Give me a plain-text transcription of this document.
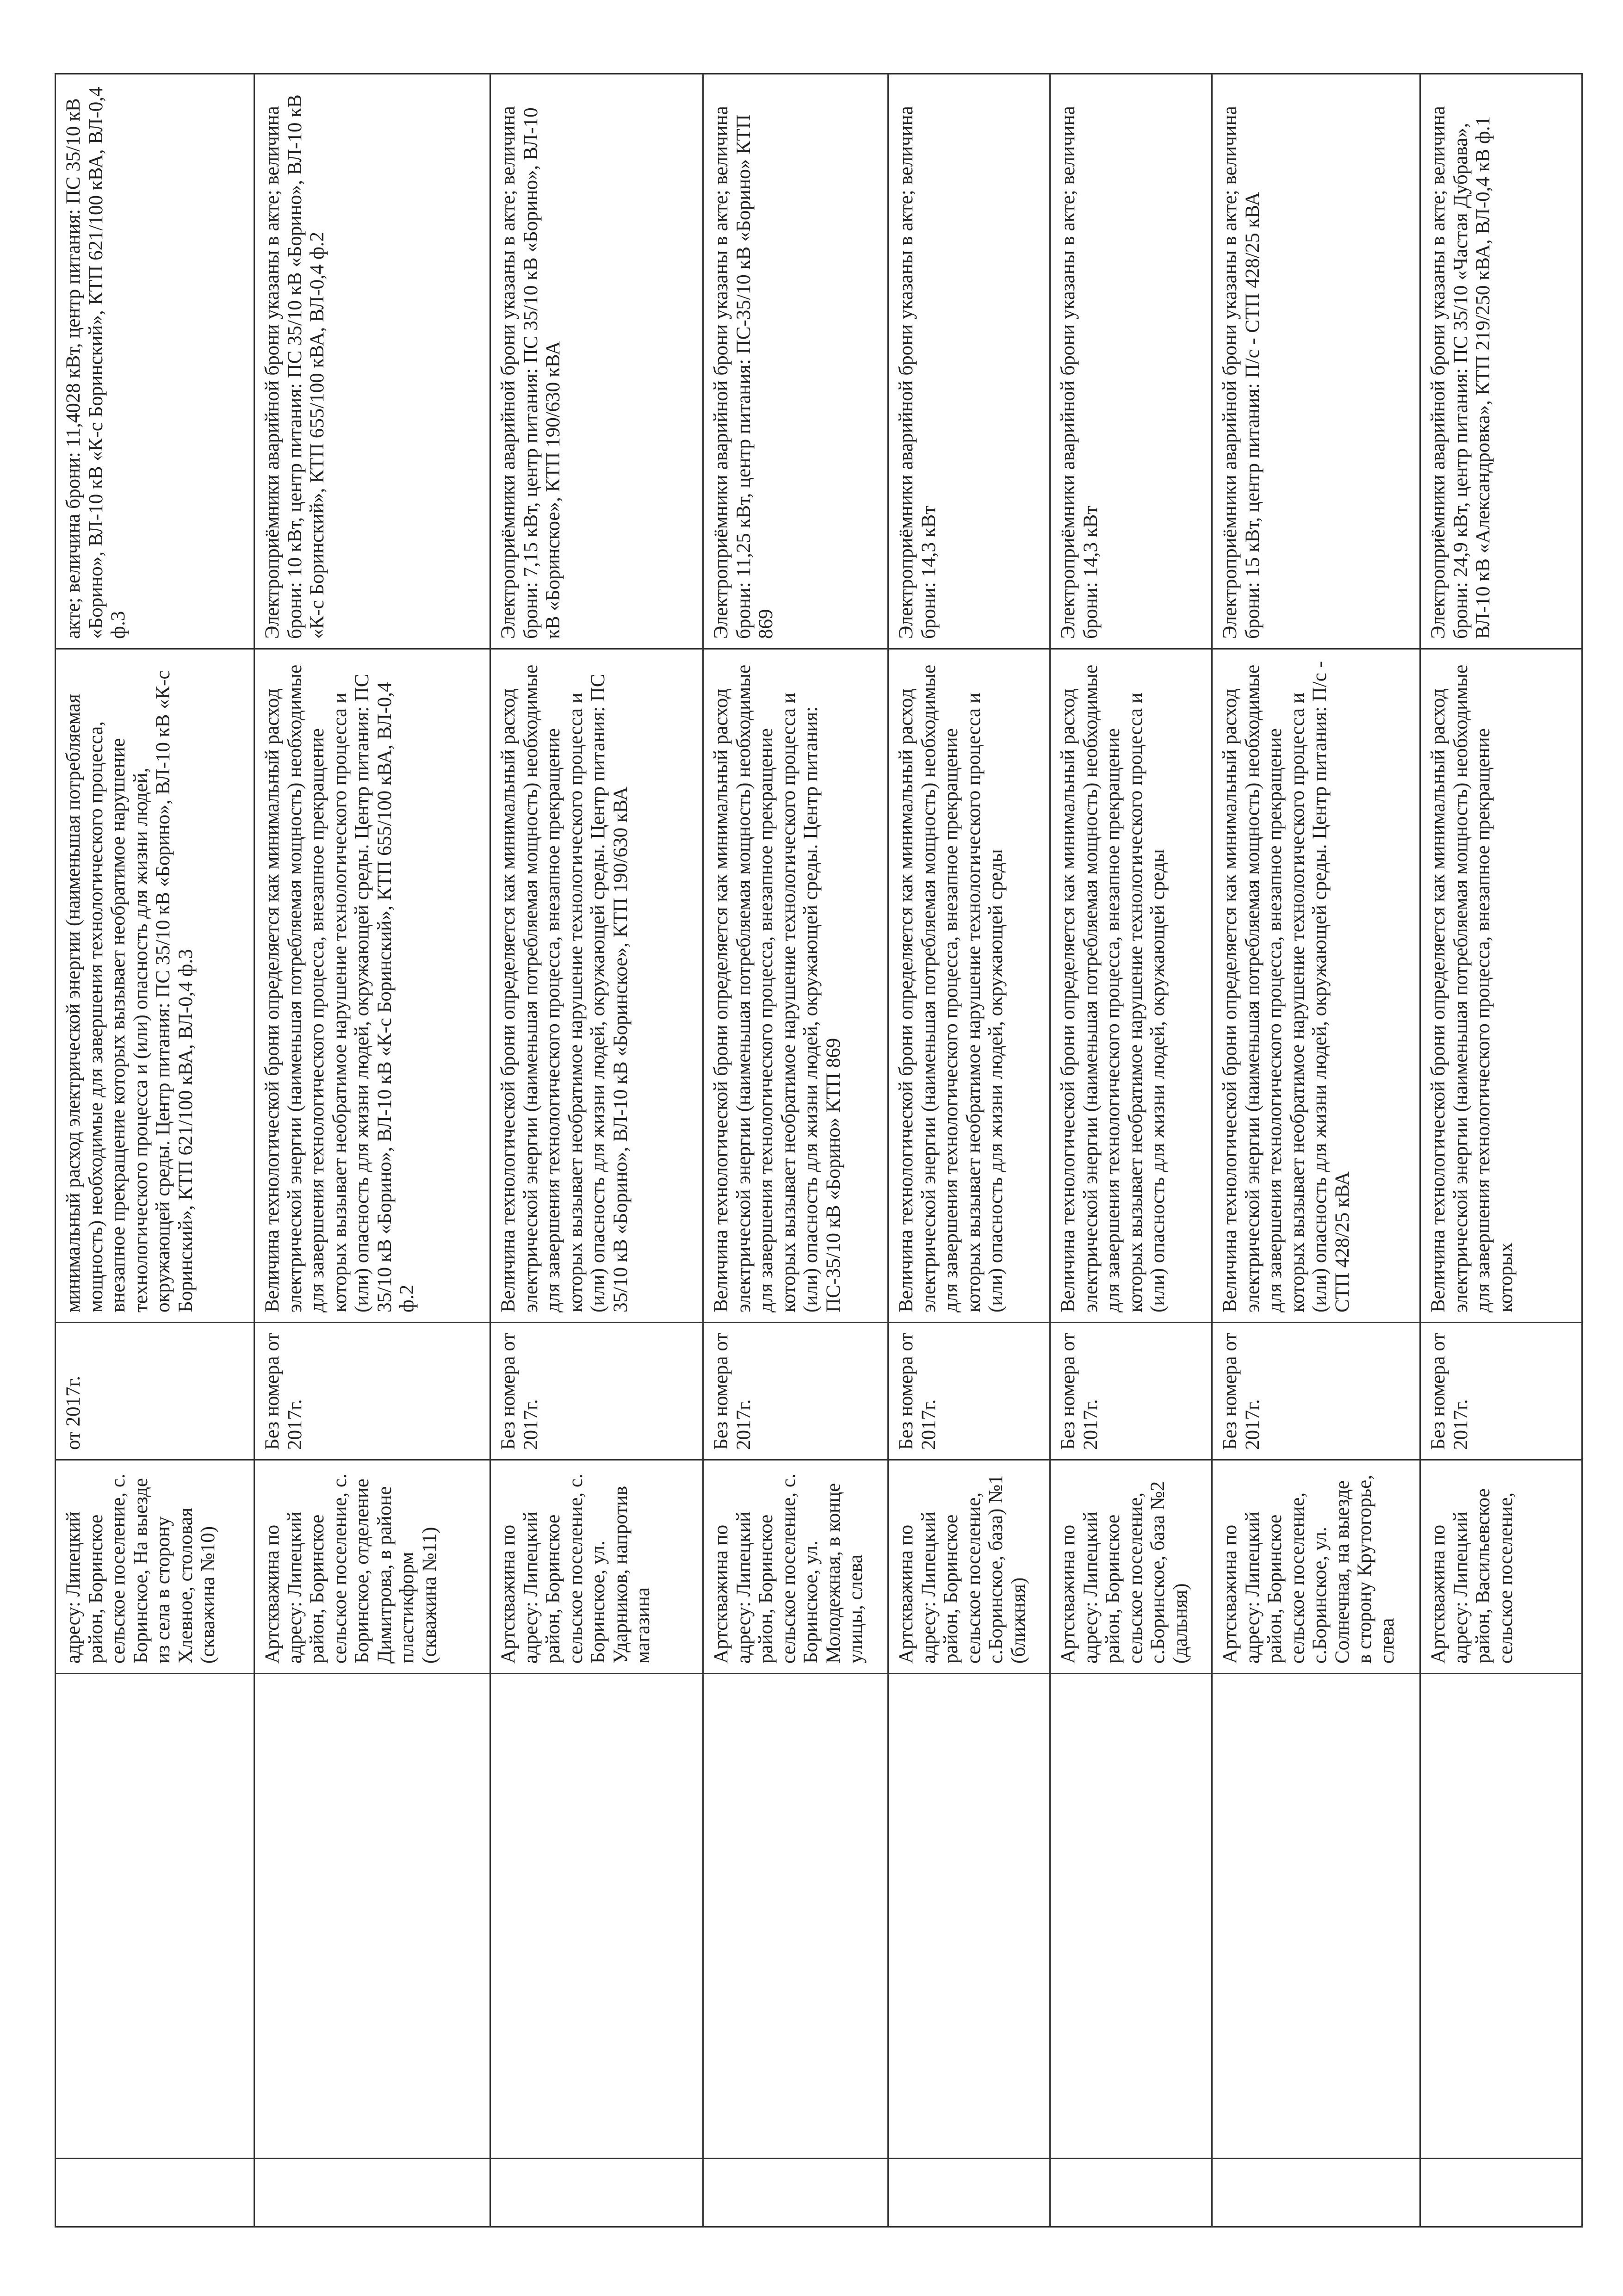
		адресу: Липецкий район, Боринское сельское поселение, с. Боринское, На выезде из села в сторону Хлевное, столовая (скважина №10)	от 2017г.	минимальный расход электрической энергии (наименьшая потребляемая мощность) необходимые для завершения технологического процесса, внезапное прекращение которых вызывает необратимое нарушение технологического процесса и (или) опасность для жизни людей, окружающей среды. Центр питания: ПС 35/10 кВ «Борино», ВЛ-10 кВ «К-с Боринский», КТП 621/100 кВА, ВЛ-0,4 ф.3	акте; величина брони: 11,4028 кВт, центр питания: ПС 35/10 кВ «Борино», ВЛ-10 кВ «К-с Боринский», КТП 621/100 кВА, ВЛ-0,4 ф.3
		Артскважина по адресу: Липецкий район, Боринское сельское поселение, с. Боринское, отделение Димитрова, в районе пластикформ (скважина №11)	Без номера от 2017г.	Величина технологической брони определяется как минимальный расход электрической энергии (наименьшая потребляемая мощность) необходимые для завершения технологического процесса, внезапное прекращение которых вызывает необратимое нарушение технологического процесса и (или) опасность для жизни людей, окружающей среды. Центр питания: ПС 35/10 кВ «Борино», ВЛ-10 кВ «К-с Боринский», КТП 655/100 кВА, ВЛ-0,4 ф.2	Электроприёмники аварийной брони указаны в акте; величина брони: 10 кВт, центр питания: ПС 35/10 кВ «Борино», ВЛ-10 кВ «К-с Боринский», КТП 655/100 кВА, ВЛ-0,4 ф.2
		Артскважина по адресу: Липецкий район, Боринское сельское поселение, с. Боринское, ул. Ударников, напротив магазина	Без номера от 2017г.	Величина технологической брони определяется как минимальный расход электрической энергии (наименьшая потребляемая мощность) необходимые для завершения технологического процесса, внезапное прекращение которых вызывает необратимое нарушение технологического процесса и (или) опасность для жизни людей, окружающей среды. Центр питания: ПС 35/10 кВ «Борино», ВЛ-10 кВ «Боринское», КТП 190/630 кВА	Электроприёмники аварийной брони указаны в акте; величина брони: 7,15 кВт, центр питания: ПС 35/10 кВ «Борино», ВЛ-10 кВ «Боринское», КТП 190/630 кВА
		Артскважина по адресу: Липецкий район, Боринское сельское поселение, с. Боринское, ул. Молодежная, в конце улицы, слева	Без номера от 2017г.	Величина технологической брони определяется как минимальный расход электрической энергии (наименьшая потребляемая мощность) необходимые для завершения технологического процесса, внезапное прекращение которых вызывает необратимое нарушение технологического процесса и (или) опасность для жизни людей, окружающей среды. Центр питания: ПС-35/10 кВ «Борино» КТП 869	Электроприёмники аварийной брони указаны в акте; величина брони: 11,25 кВт, центр питания: ПС-35/10 кВ «Борино» КТП 869
		Артскважина по адресу: Липецкий район, Боринское сельское поселение, с.Боринское, база) №1 (ближняя)	Без номера от 2017г.	Величина технологической брони определяется как минимальный расход электрической энергии (наименьшая потребляемая мощность) необходимые для завершения технологического процесса, внезапное прекращение которых вызывает необратимое нарушение технологического процесса и (или) опасность для жизни людей, окружающей среды	Электроприёмники аварийной брони указаны в акте; величина брони: 14,3 кВт
		Артскважина по адресу: Липецкий район, Боринское сельское поселение, с.Боринское, база №2 (дальняя)	Без номера от 2017г.	Величина технологической брони определяется как минимальный расход электрической энергии (наименьшая потребляемая мощность) необходимые для завершения технологического процесса, внезапное прекращение которых вызывает необратимое нарушение технологического процесса и (или) опасность для жизни людей, окружающей среды	Электроприёмники аварийной брони указаны в акте; величина брони: 14,3 кВт
		Артскважина по адресу: Липецкий район, Боринское сельское поселение, с.Боринское, ул. Солнечная, на выезде в сторону Крутогорье, слева	Без номера от 2017г.	Величина технологической брони определяется как минимальный расход электрической энергии (наименьшая потребляемая мощность) необходимые для завершения технологического процесса, внезапное прекращение которых вызывает необратимое нарушение технологического процесса и (или) опасность для жизни людей, окружающей среды. Центр питания: П/с - СТП 428/25 кВА	Электроприёмники аварийной брони указаны в акте; величина брони: 15 кВт, центр питания: П/с - СТП 428/25 кВА
		Артскважина по адресу: Липецкий район, Васильевское сельское поселение,	Без номера от 2017г.	Величина технологической брони определяется как минимальный расход электрической энергии (наименьшая потребляемая мощность) необходимые для завершения технологического процесса, внезапное прекращение которых	Электроприёмники аварийной брони указаны в акте; величина брони: 24,9 кВт, центр питания: ПС 35/10 «Частая Дубрава», ВЛ-10 кВ «Александровка», КТП 219/250 кВА, ВЛ-0,4 кВ ф.1
